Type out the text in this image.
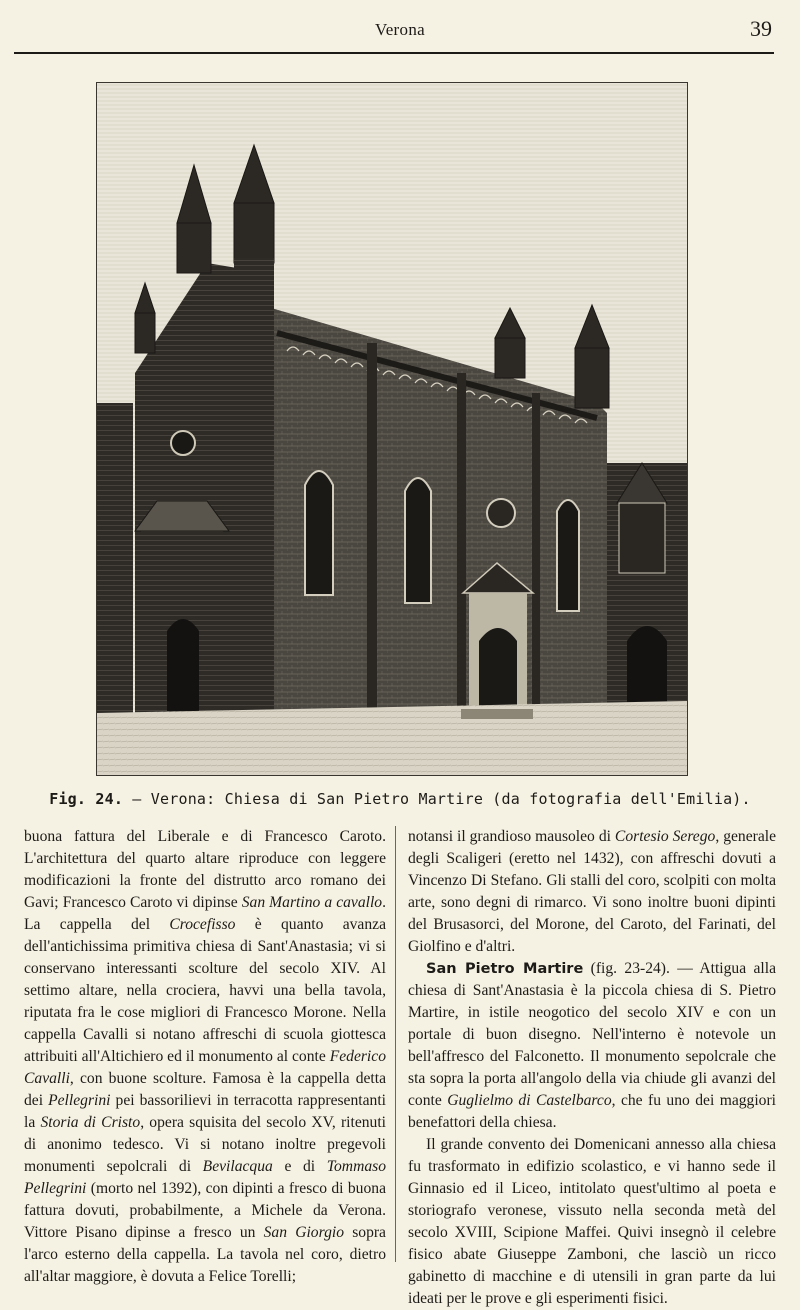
Verona	39
Fig. 24. — Verona: Chiesa di San Pietro Martire (da fotografia dell'Emilia).

buona fattura del Liberale e di Francesco Caroto. L'architettura del quarto altare riproduce con leggere modificazioni la fronte del distrutto arco romano dei Gavi; Francesco Caroto vi dipinse San Martino a cavallo. La cappella del Crocefisso è quanto avanza dell'antichissima primitiva chiesa di Sant'Anastasia; vi si conservano interessanti scolture del secolo XIV. Al settimo altare, nella crociera, havvi una bella tavola, riputata fra le cose migliori di Francesco Morone. Nella cappella Cavalli si notano affreschi di scuola giottesca attribuiti all'Altichiero ed il monumento al conte Federico Cavalli, con buone scolture. Famosa è la cappella detta dei Pellegrini pei bassorilievi in terracotta rappresentanti la Storia di Cristo, opera squisita del secolo XV, ritenuti di anonimo tedesco. Vi si notano inoltre pregevoli monumenti sepolcrali di Bevilacqua e di Tommaso Pellegrini (morto nel 1392), con dipinti a fresco di buona fattura dovuti, probabilmente, a Michele da Verona. Vittore Pisano dipinse a fresco un San Giorgio sopra l'arco esterno della cappella. La tavola nel coro, dietro all'altar maggiore, è dovuta a Felice Torelli;

notansi il grandioso mausoleo di Cortesio Serego, generale degli Scaligeri (eretto nel 1432), con affreschi dovuti a Vincenzo Di Stefano. Gli stalli del coro, scolpiti con molta arte, sono degni di rimarco. Vi sono inoltre buoni dipinti del Brusasorci, del Morone, del Caroto, del Farinati, del Giolfino e d'altri.

San Pietro Martire (fig. 23-24). — Attigua alla chiesa di Sant'Anastasia è la piccola chiesa di S. Pietro Martire, in istile neogotico del secolo XIV e con un portale di buon disegno. Nell'interno è notevole un bell'affresco del Falconetto. Il monumento sepolcrale che sta sopra la porta all'angolo della via chiude gli avanzi del conte Guglielmo di Castelbarco, che fu uno dei maggiori benefattori della chiesa.

Il grande convento dei Domenicani annesso alla chiesa fu trasformato in edifizio scolastico, e vi hanno sede il Ginnasio ed il Liceo, intitolato quest'ultimo al poeta e storiografo veronese, vissuto nella seconda metà del secolo XVIII, Scipione Maffei. Quivi insegnò il celebre fisico abate Giuseppe Zamboni, che lasciò un ricco gabinetto di macchine e di utensili in gran parte da lui ideati per le prove e gli esperimenti fisici.
